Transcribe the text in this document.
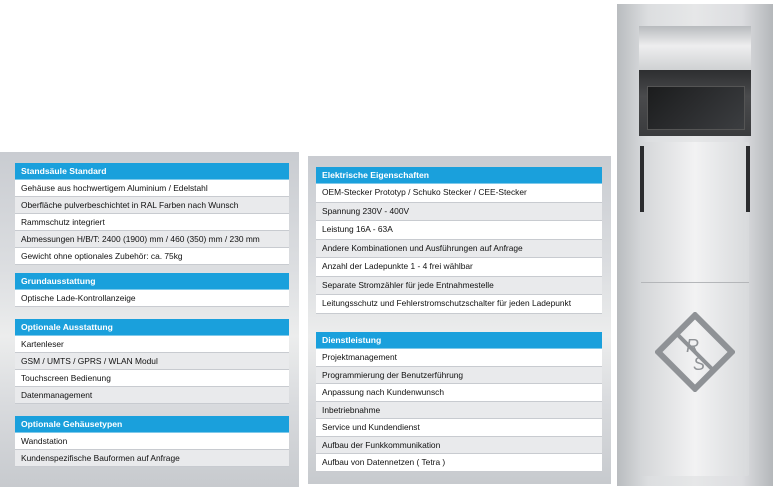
Standsäule Standard
Gehäuse aus hochwertigem Aluminium / Edelstahl
Oberfläche pulverbeschichtet in RAL Farben nach Wunsch
Rammschutz integriert
Abmessungen H/B/T: 2400 (1900) mm / 460 (350) mm / 230 mm
Gewicht ohne optionales Zubehör: ca. 75kg
Grundausstattung
Optische Lade-Kontrollanzeige
Optionale Ausstattung
Kartenleser
GSM / UMTS / GPRS / WLAN Modul
Touchscreen Bedienung
Datenmanagement
Optionale Gehäusetypen
Wandstation
Kundenspezifische Bauformen auf Anfrage
Elektrische Eigenschaften
OEM-Stecker Prototyp / Schuko Stecker / CEE-Stecker
Spannung 230V - 400V
Leistung 16A - 63A
Andere Kombinationen und Ausführungen auf Anfrage
Anzahl der Ladepunkte 1 - 4 frei wählbar
Separate Stromzähler für jede Entnahmestelle
Leitungsschutz und Fehlerstromschutzschalter für jeden Ladepunkt
Dienstleistung
Projektmanagement
Programmierung der Benutzerführung
Anpassung nach Kundenwunsch
Inbetriebnahme
Service und Kundendienst
Aufbau der Funkkommunikation
Aufbau von Datennetzen ( Tetra )
R
S
